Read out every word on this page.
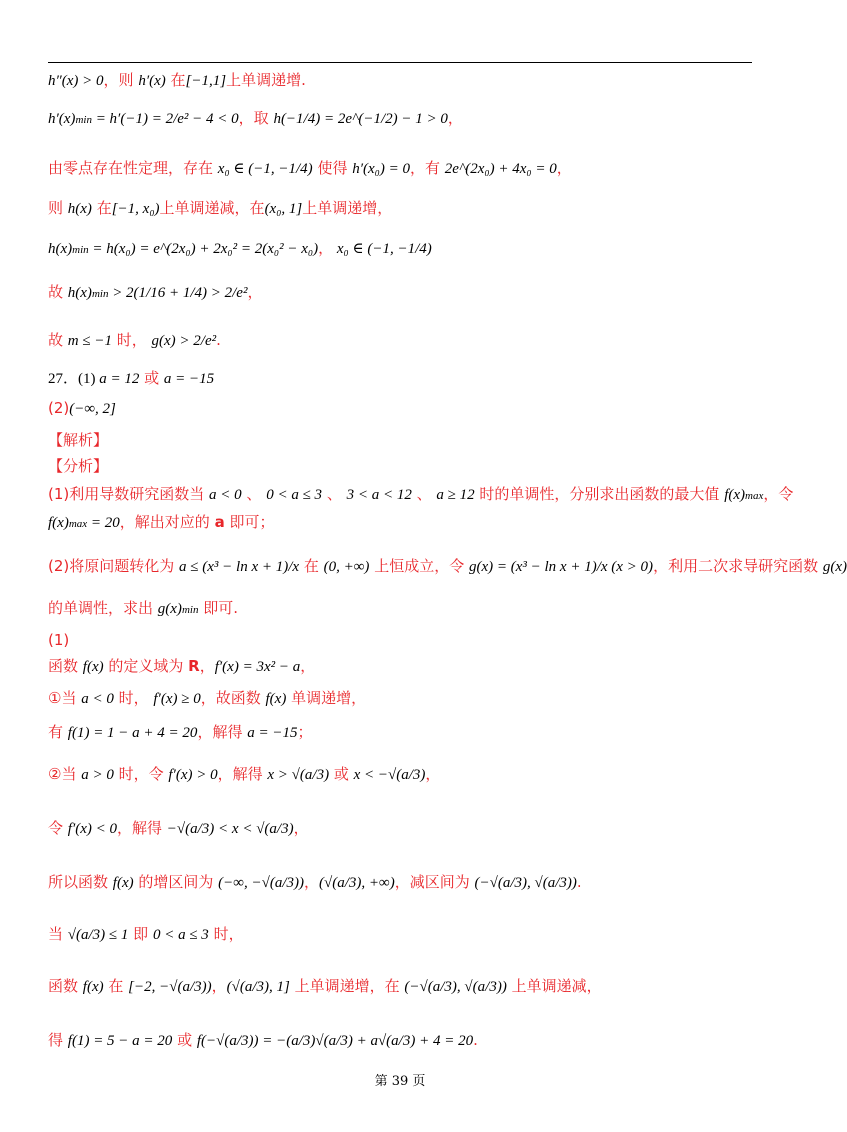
h″(x) > 0，则 h′(x) 在[−1,1]上单调递增.
h′(x)min = h′(−1) = 2/e² − 4 < 0，取 h(−1/4) = 2e^(−1/2) − 1 > 0，
由零点存在性定理，存在 x₀ ∈ (−1, −1/4) 使得 h′(x₀) = 0，有 2e^(2x₀) + 4x₀ = 0，
则 h(x) 在[−1, x₀)上单调递减，在(x₀, 1]上单调递增，
h(x)min = h(x₀) = e^(2x₀) + 2x₀² = 2(x₀² − x₀)， x₀ ∈ (−1, −1/4)
故 h(x)min > 2(1/16 + 1/4) > 2/e²，
故 m ≤ −1 时， g(x) > 2/e².
27．(1) a = 12 或 a = −15
(2)(−∞, 2]
【解析】
【分析】
(1)利用导数研究函数当 a < 0 、 0 < a ≤ 3 、 3 < a < 12 、 a ≥ 12 时的单调性，分别求出函数的最大值 f(x)max，令
f(x)max = 20，解出对应的 a 即可；
(2)将原问题转化为 a ≤ (x³ − ln x + 1)/x 在 (0, +∞) 上恒成立，令 g(x) = (x³ − ln x + 1)/x (x > 0)，利用二次求导研究函数 g(x)
的单调性，求出 g(x)min 即可.
(1)
函数 f(x) 的定义域为 R，f′(x) = 3x² − a，
①当 a < 0 时， f′(x) ≥ 0，故函数 f(x) 单调递增，
有 f(1) = 1 − a + 4 = 20，解得 a = −15；
②当 a > 0 时，令 f′(x) > 0，解得 x > √(a/3) 或 x < −√(a/3)，
令 f′(x) < 0，解得 −√(a/3) < x < √(a/3)，
所以函数 f(x) 的增区间为 (−∞, −√(a/3))，(√(a/3), +∞)，减区间为 (−√(a/3), √(a/3)).
当 √(a/3) ≤ 1 即 0 < a ≤ 3 时，
函数 f(x) 在 [−2, −√(a/3))，(√(a/3), 1] 上单调递增，在 (−√(a/3), √(a/3)) 上单调递减，
得 f(1) = 5 − a = 20 或 f(−√(a/3)) = −(a/3)√(a/3) + a√(a/3) + 4 = 20.
第 39 页
